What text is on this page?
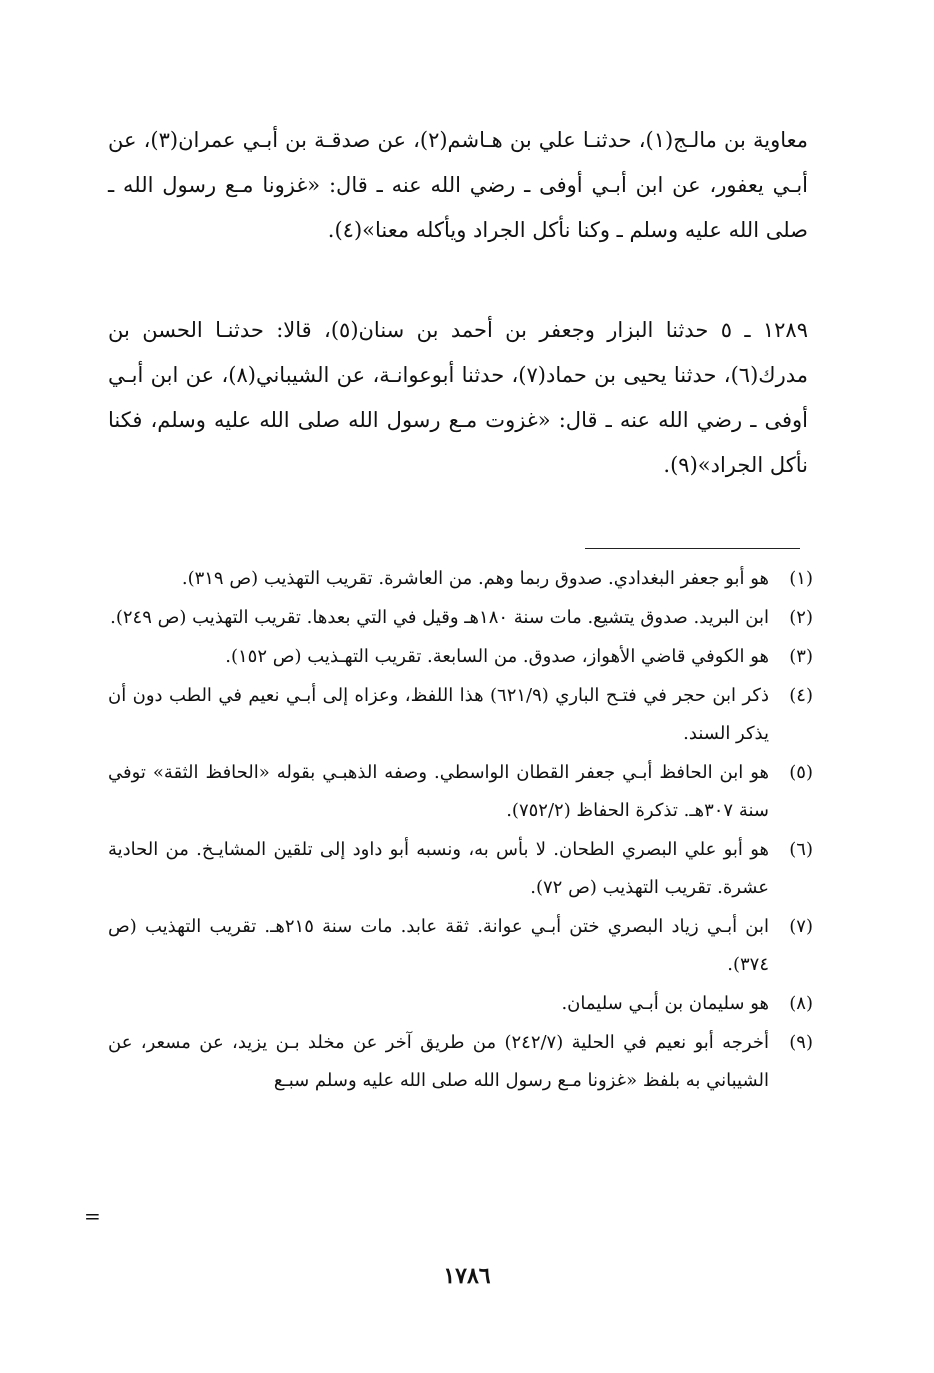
معاوية بن مالـج(١)، حدثنـا علي بن هـاشم(٢)، عن صدقـة بن أبـي عمران(٣)، عن أبـي يعفور، عن ابن أبـي أوفى ـ رضي الله عنه ـ قال: «غزونا مـع رسول الله ـ صلى الله عليه وسلم ـ وكنا نأكل الجراد ويأكله معنا»(٤).

١٢٨٩ ـ ٥ حدثنا البزار وجعفر بن أحمد بن سنان(٥)، قالا: حدثنـا الحسن بن مدرك(٦)، حدثنا يحيى بن حماد(٧)، حدثنا أبوعوانـة، عن الشيباني(٨)، عن ابن أبـي أوفى ـ رضي الله عنه ـ قال: «غزوت مـع رسول الله صلى الله عليه وسلم، فكنا نأكل الجراد»(٩).

(١)
هو أبو جعفر البغدادي. صدوق ربما وهم. من العاشرة. تقريب التهذيب (ص ٣١٩).
(٢)
ابن البريد. صدوق يتشيع. مات سنة ١٨٠هـ وقيل في التي بعدها. تقريب التهذيب (ص ٢٤٩).
(٣)
هو الكوفي قاضي الأهواز، صدوق. من السابعة. تقريب التهـذيب (ص ١٥٢).
(٤)
ذكر ابن حجر في فتـح الباري (٦٢١/٩) هذا اللفظ، وعزاه إلى أبـي نعيم في الطب دون أن يذكر السند.
(٥)
هو ابن الحافظ أبـي جعفر القطان الواسطي. وصفه الذهبـي بقوله «الحافظ الثقة» توفي سنة ٣٠٧هـ. تذكرة الحفاظ (٧٥٢/٢).
(٦)
هو أبو علي البصري الطحان. لا بأس به، ونسبه أبو داود إلى تلقين المشايـخ. من الحادية عشرة. تقريب التهذيب (ص ٧٢).
(٧)
ابن أبـي زياد البصري ختن أبـي عوانة. ثقة عابد. مات سنة ٢١٥هـ. تقريب التهذيب (ص ٣٧٤).
(٨)
هو سليمان بن أبـي سليمان.
(٩)
أخرجه أبو نعيم في الحلية (٢٤٢/٧) من طريق آخر عن مخلد بـن يزيد، عن مسعر، عن الشيباني به بلفظ «غزونا مـع رسول الله صلى الله عليه وسلم سبـع
=
١٧٨٦
